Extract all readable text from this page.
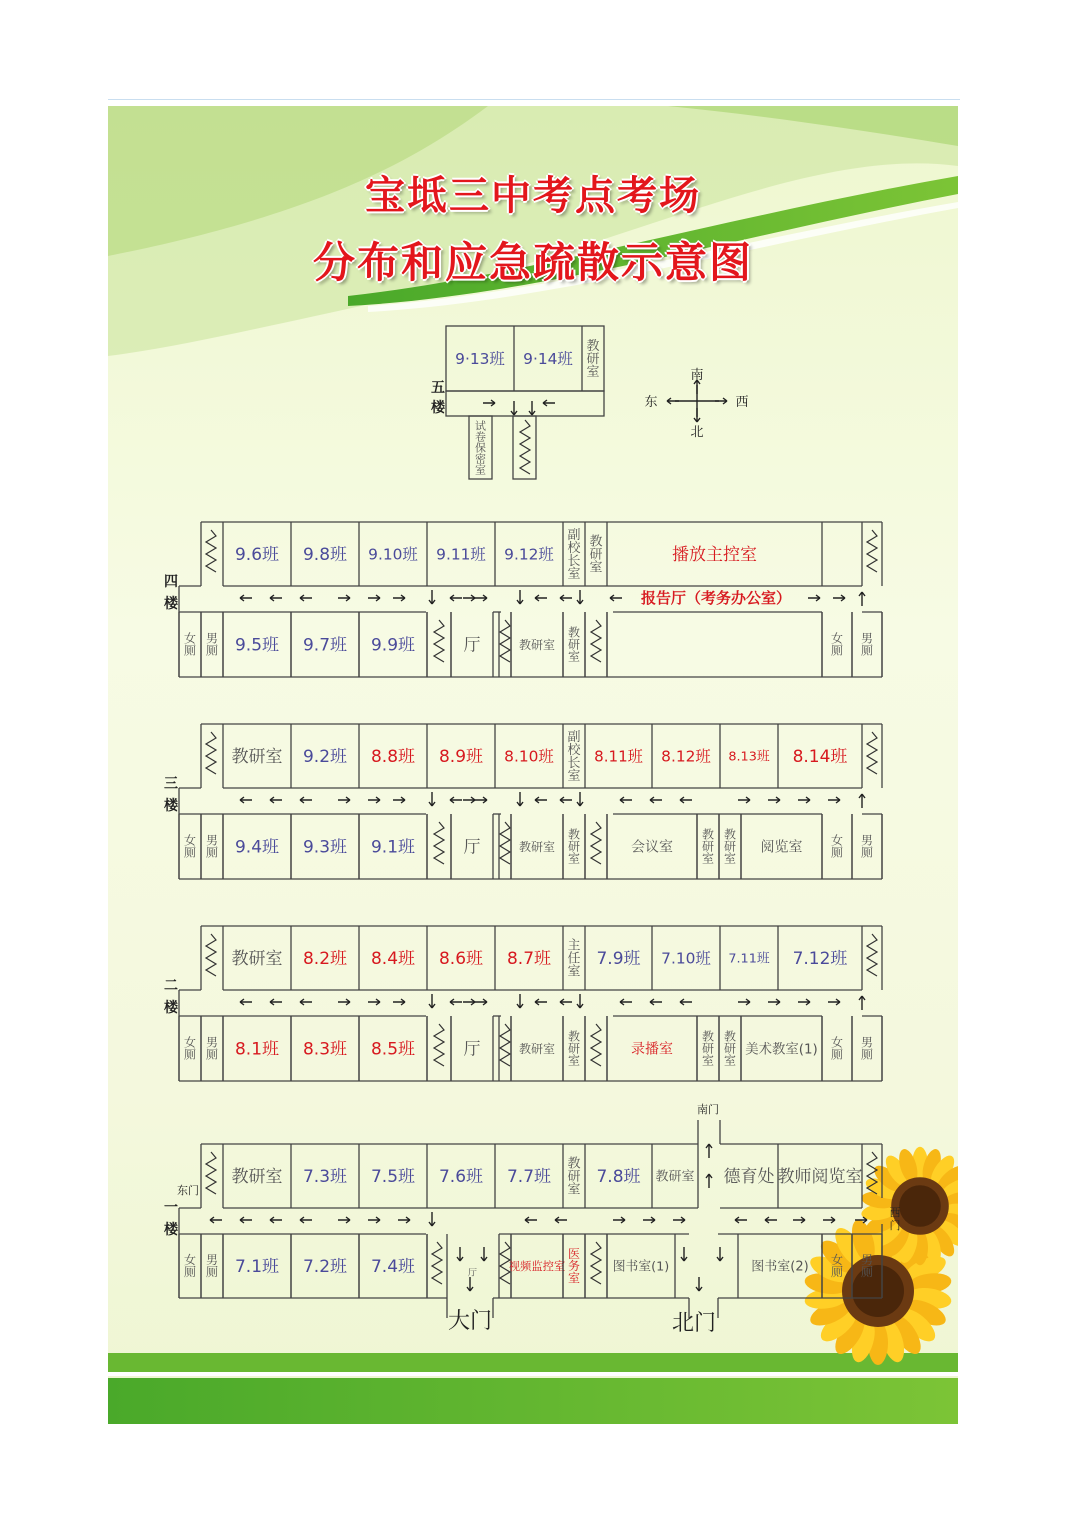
宝坻三中考点考场
分布和应急疏散示意图
9·13班 9·14班
教研室
试卷保密室
五楼
南
北
东	西
9.6班 9.8班 9.10班 9.11班 9.12班
副校长室
教研室
播放主控室
女厕
男厕 9.5班 9.7班 9.9班	厅	教研室
教研室
女厕
男厕
四楼	报告厅（考务办公室）
教研室 9.2班 8.8班 8.9班 8.10班
副校长室
8.11班 8.12班 8.13班 8.14班
女厕
男厕 9.4班 9.3班 9.1班	厅	教研室
教研室
会议室
教研室
教研室
阅览室 女厕
男厕
三楼
教研室 8.2班 8.4班 8.6班 8.7班
主任室
7.9班 7.10班 7.11班 7.12班
女厕
男厕 8.1班 8.3班 8.5班	厅	教研室
教研室
录播室
教研室
教研室
美术教室(1) 女厕
男厕
二楼
教研室 7.3班 7.5班 7.6班 7.7班
教研室
7.8班 教研室 德育处 教师阅览室
女厕
男厕 7.1班 7.2班 7.4班	视频监控室
医务室
图书室(1)	图书室(2) 女厕
男厕
厅
一楼
东门
大门	北门
南门
西门
